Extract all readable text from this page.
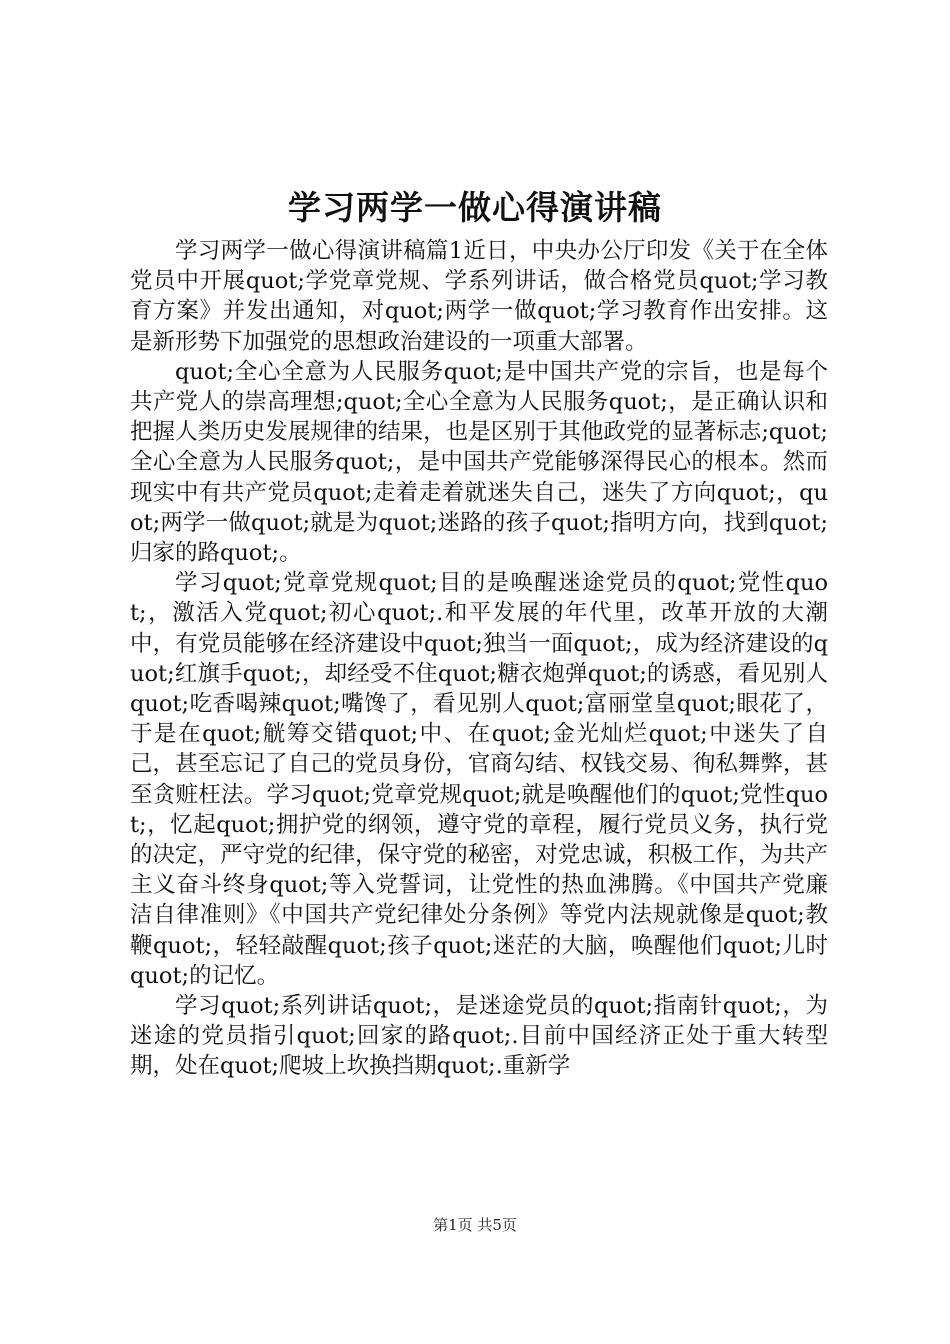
学习两学一做心得演讲稿

学习两学一做心得演讲稿篇1近日，中央办公厅印发《关于在全体党员中开展quot;学党章党规、学系列讲话，做合格党员quot;学习教育方案》并发出通知，对quot;两学一做quot;学习教育作出安排。这是新形势下加强党的思想政治建设的一项重大部署。

quot;全心全意为人民服务quot;是中国共产党的宗旨，也是每个共产党人的崇高理想;quot;全心全意为人民服务quot;，是正确认识和把握人类历史发展规律的结果，也是区别于其他政党的显著标志;quot;全心全意为人民服务quot;，是中国共产党能够深得民心的根本。然而现实中有共产党员quot;走着走着就迷失自己，迷失了方向quot;，quot;两学一做quot;就是为quot;迷路的孩子quot;指明方向，找到quot;归家的路quot;。

学习quot;党章党规quot;目的是唤醒迷途党员的quot;党性quot;，激活入党quot;初心quot;.和平发展的年代里，改革开放的大潮中，有党员能够在经济建设中quot;独当一面quot;，成为经济建设的quot;红旗手quot;，却经受不住quot;糖衣炮弹quot;的诱惑，看见别人quot;吃香喝辣quot;嘴馋了，看见别人quot;富丽堂皇quot;眼花了，于是在quot;觥筹交错quot;中、在quot;金光灿烂quot;中迷失了自己，甚至忘记了自己的党员身份，官商勾结、权钱交易、徇私舞弊，甚至贪赃枉法。学习quot;党章党规quot;就是唤醒他们的quot;党性quot;，忆起quot;拥护党的纲领，遵守党的章程，履行党员义务，执行党的决定，严守党的纪律，保守党的秘密，对党忠诚，积极工作，为共产主义奋斗终身quot;等入党誓词，让党性的热血沸腾。《中国共产党廉洁自律准则》《中国共产党纪律处分条例》等党内法规就像是quot;教鞭quot;，轻轻敲醒quot;孩子quot;迷茫的大脑，唤醒他们quot;儿时quot;的记忆。

学习quot;系列讲话quot;，是迷途党员的quot;指南针quot;，为迷途的党员指引quot;回家的路quot;.目前中国经济正处于重大转型期，处在quot;爬坡上坎换挡期quot;.重新学

第1页 共5页
